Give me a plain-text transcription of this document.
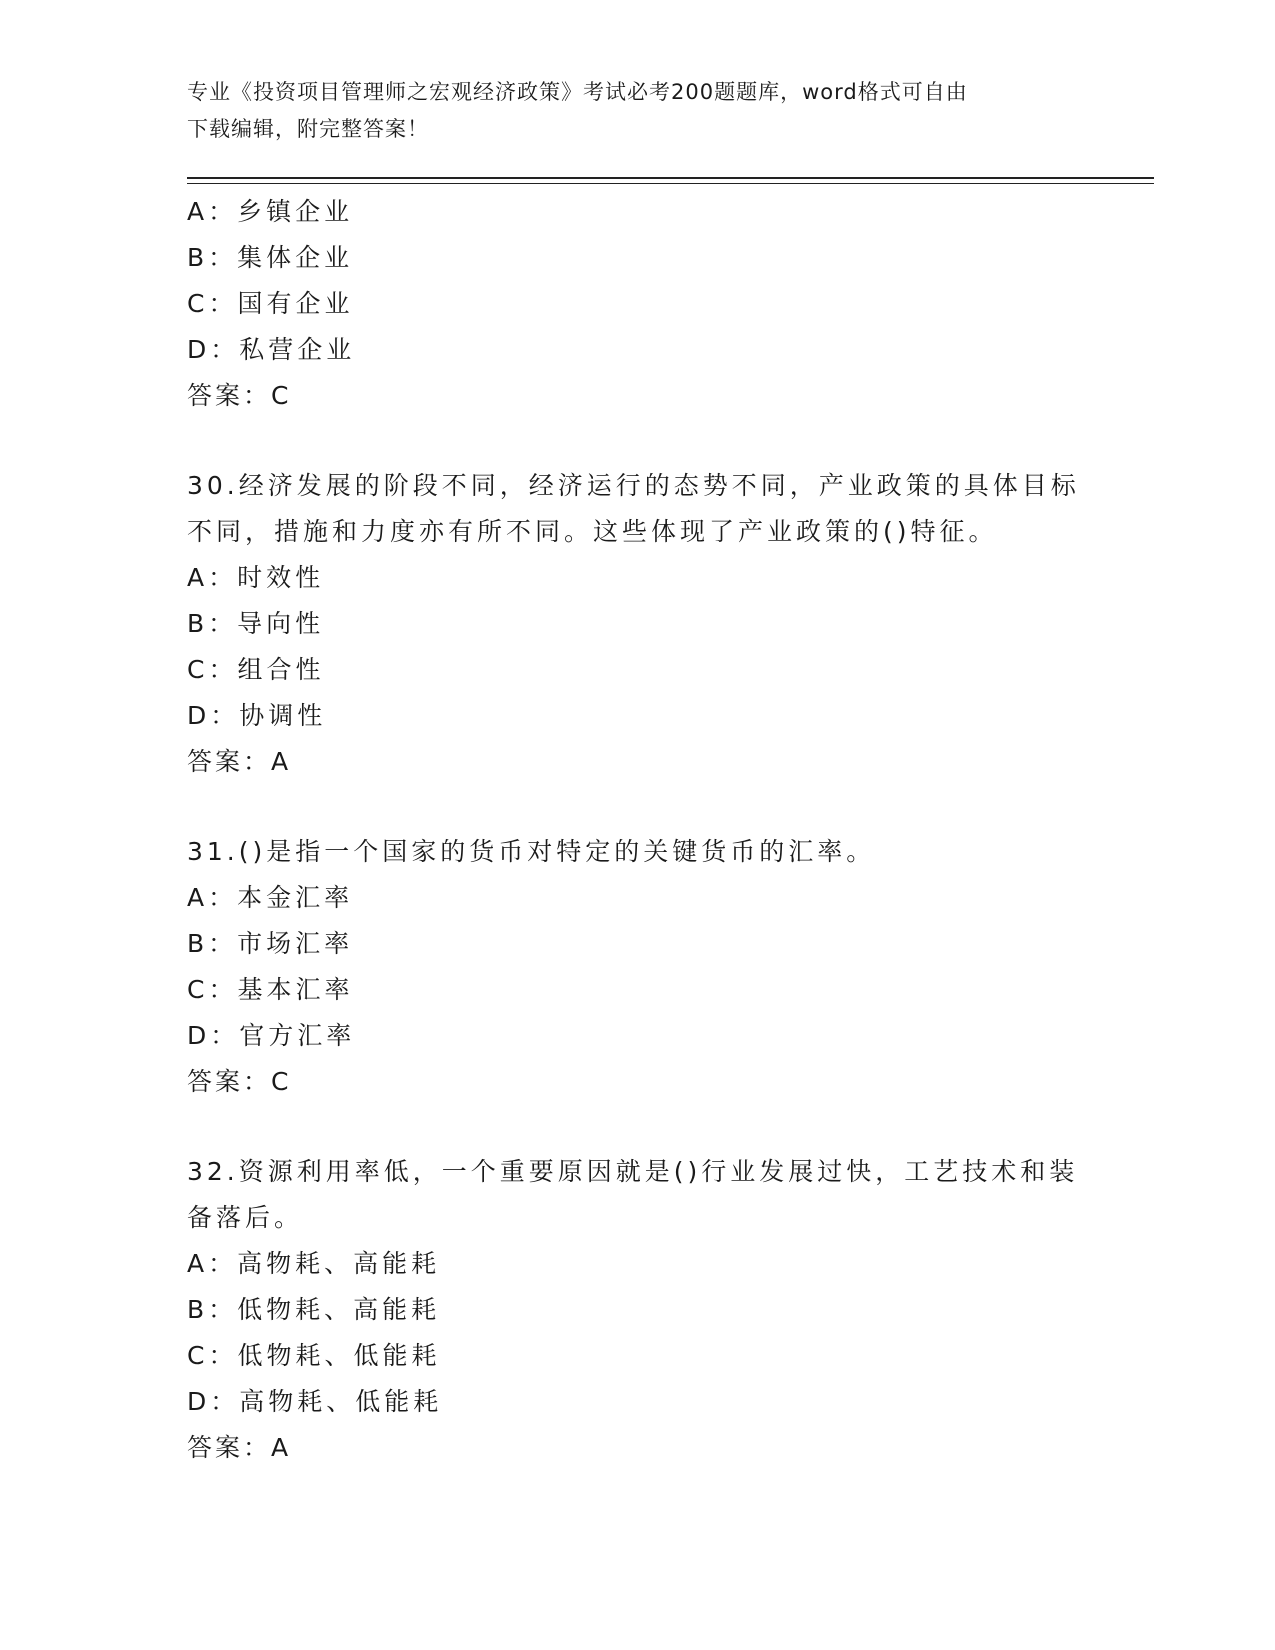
专业《投资项目管理师之宏观经济政策》考试必考200题题库，word格式可自由
下载编辑，附完整答案！
A：乡镇企业
B：集体企业
C：国有企业
D：私营企业
答案：C
30.经济发展的阶段不同，经济运行的态势不同，产业政策的具体目标
不同，措施和力度亦有所不同。这些体现了产业政策的()特征。
A：时效性
B：导向性
C：组合性
D：协调性
答案：A
31.()是指一个国家的货币对特定的关键货币的汇率。
A：本金汇率
B：市场汇率
C：基本汇率
D：官方汇率
答案：C
32.资源利用率低，一个重要原因就是()行业发展过快，工艺技术和装
备落后。
A：高物耗、高能耗
B：低物耗、高能耗
C：低物耗、低能耗
D：高物耗、低能耗
答案：A
